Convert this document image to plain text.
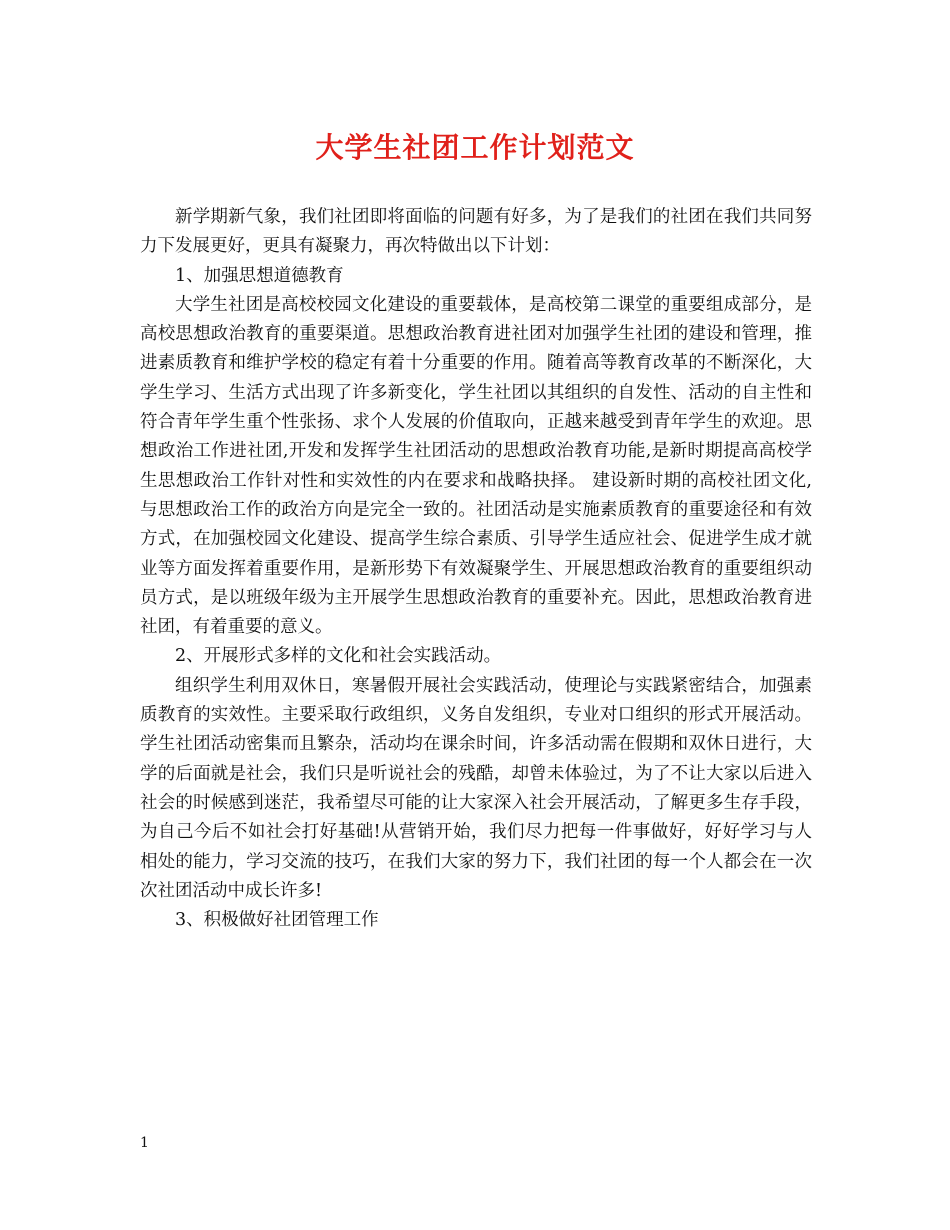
大学生社团工作计划范文

新学期新气象，我们社团即将面临的问题有好多，为了是我们的社团在我们共同努力下发展更好，更具有凝聚力，再次特做出以下计划：

1、加强思想道德教育

大学生社团是高校校园文化建设的重要载体，是高校第二课堂的重要组成部分，是高校思想政治教育的重要渠道。思想政治教育进社团对加强学生社团的建设和管理，推进素质教育和维护学校的稳定有着十分重要的作用。随着高等教育改革的不断深化，大学生学习、生活方式出现了许多新变化，学生社团以其组织的自发性、活动的自主性和符合青年学生重个性张扬、求个人发展的价值取向，正越来越受到青年学生的欢迎。思想政治工作进社团,开发和发挥学生社团活动的思想政治教育功能,是新时期提高高校学生思想政治工作针对性和实效性的内在要求和战略抉择。 建设新时期的高校社团文化,与思想政治工作的政治方向是完全一致的。社团活动是实施素质教育的重要途径和有效方式，在加强校园文化建设、提高学生综合素质、引导学生适应社会、促进学生成才就业等方面发挥着重要作用，是新形势下有效凝聚学生、开展思想政治教育的重要组织动员方式，是以班级年级为主开展学生思想政治教育的重要补充。因此，思想政治教育进社团，有着重要的意义。

2、开展形式多样的文化和社会实践活动。

组织学生利用双休日，寒暑假开展社会实践活动，使理论与实践紧密结合，加强素质教育的实效性。主要采取行政组织，义务自发组织，专业对口组织的形式开展活动。学生社团活动密集而且繁杂，活动均在课余时间，许多活动需在假期和双休日进行，大学的后面就是社会，我们只是听说社会的残酷，却曾未体验过，为了不让大家以后进入社会的时候感到迷茫，我希望尽可能的让大家深入社会开展活动，了解更多生存手段，为自己今后不如社会打好基础!从营销开始，我们尽力把每一件事做好，好好学习与人相处的能力，学习交流的技巧，在我们大家的努力下，我们社团的每一个人都会在一次次社团活动中成长许多!

3、积极做好社团管理工作

1
